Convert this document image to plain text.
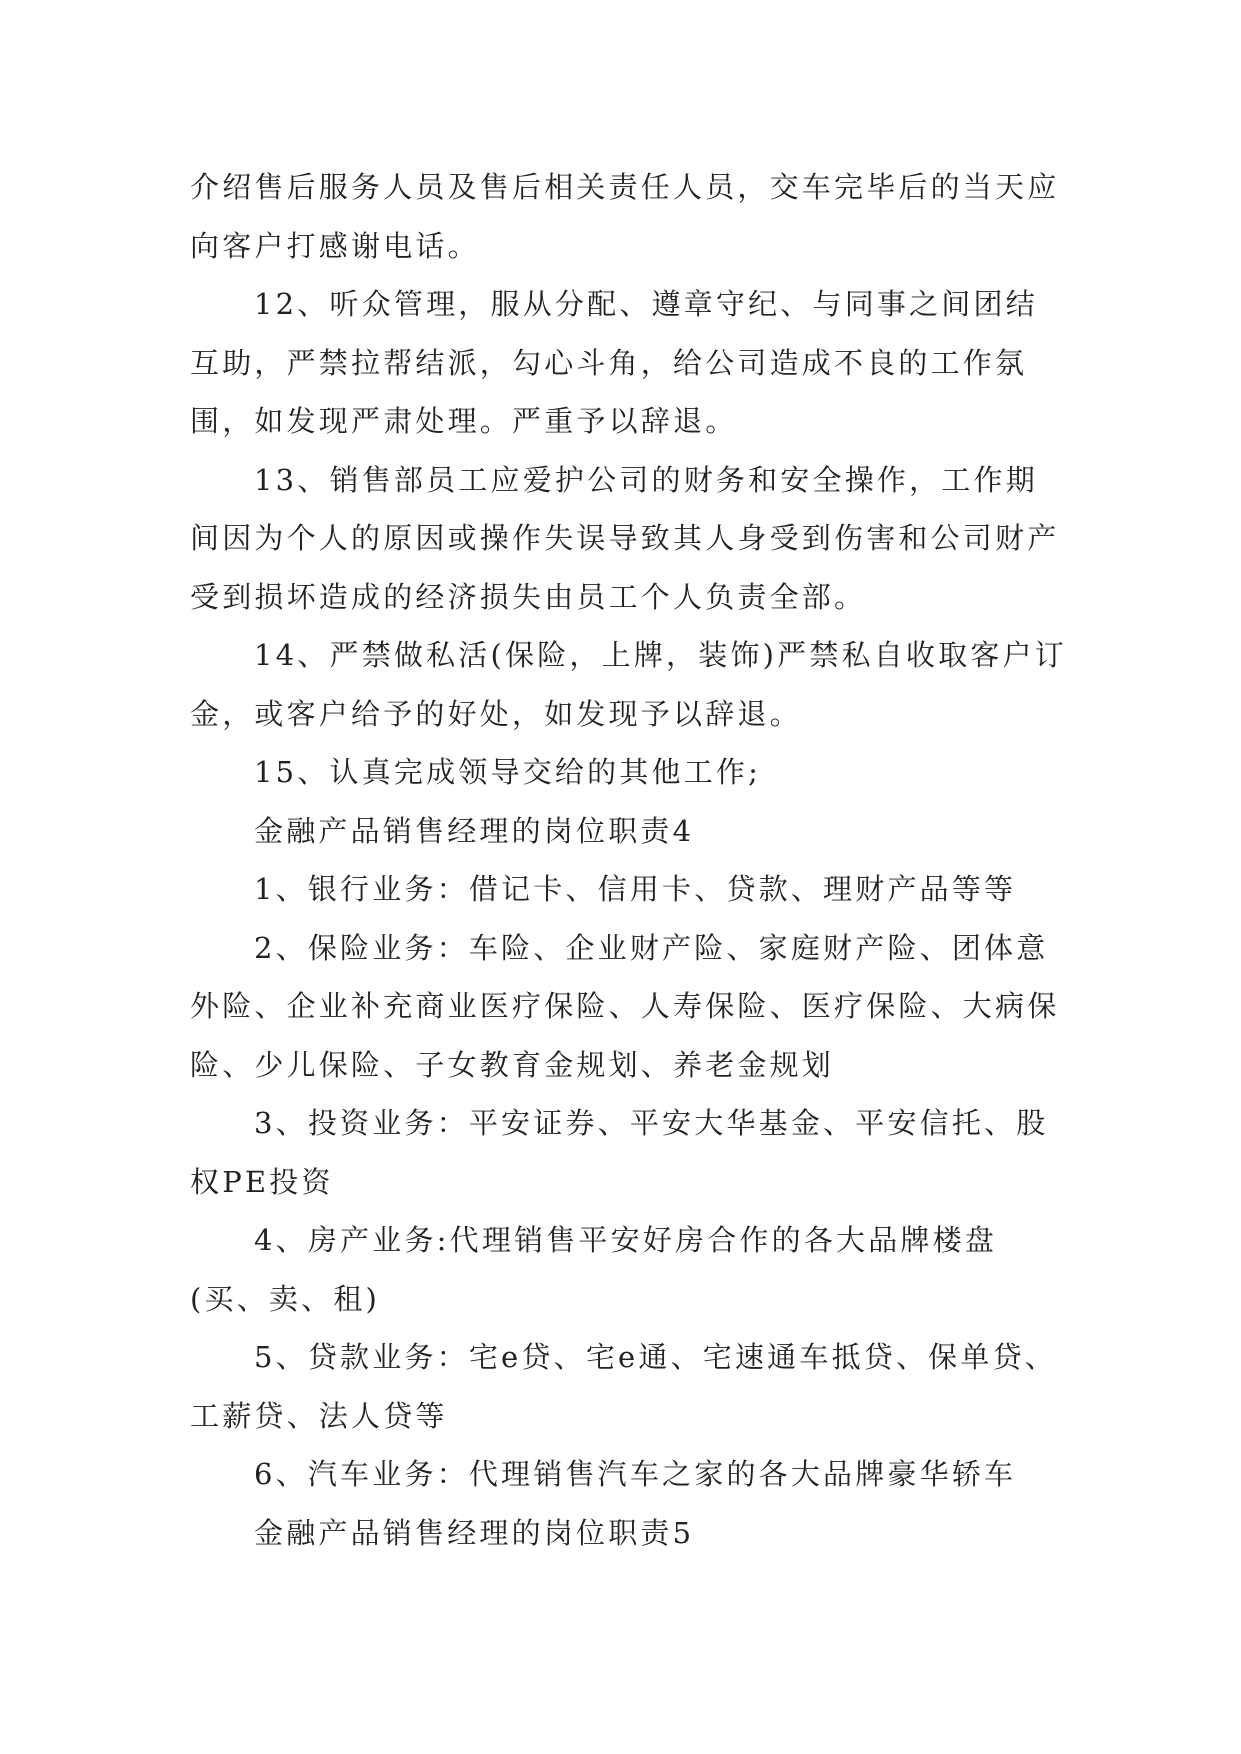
介绍售后服务人员及售后相关责任人员，交车完毕后的当天应向客户打感谢电话。

12、听众管理，服从分配、遵章守纪、与同事之间团结互助，严禁拉帮结派，勾心斗角，给公司造成不良的工作氛围，如发现严肃处理。严重予以辞退。

13、销售部员工应爱护公司的财务和安全操作，工作期间因为个人的原因或操作失误导致其人身受到伤害和公司财产受到损坏造成的经济损失由员工个人负责全部。

14、严禁做私活(保险，上牌，装饰)严禁私自收取客户订金，或客户给予的好处，如发现予以辞退。

15、认真完成领导交给的其他工作;

金融产品销售经理的岗位职责4

1、银行业务：借记卡、信用卡、贷款、理财产品等等

2、保险业务：车险、企业财产险、家庭财产险、团体意外险、企业补充商业医疗保险、人寿保险、医疗保险、大病保险、少儿保险、子女教育金规划、养老金规划

3、投资业务：平安证券、平安大华基金、平安信托、股权PE投资

4、房产业务:代理销售平安好房合作的各大品牌楼盘(买、卖、租)

5、贷款业务：宅e贷、宅e通、宅速通车抵贷、保单贷、工薪贷、法人贷等

6、汽车业务：代理销售汽车之家的各大品牌豪华轿车

金融产品销售经理的岗位职责5
